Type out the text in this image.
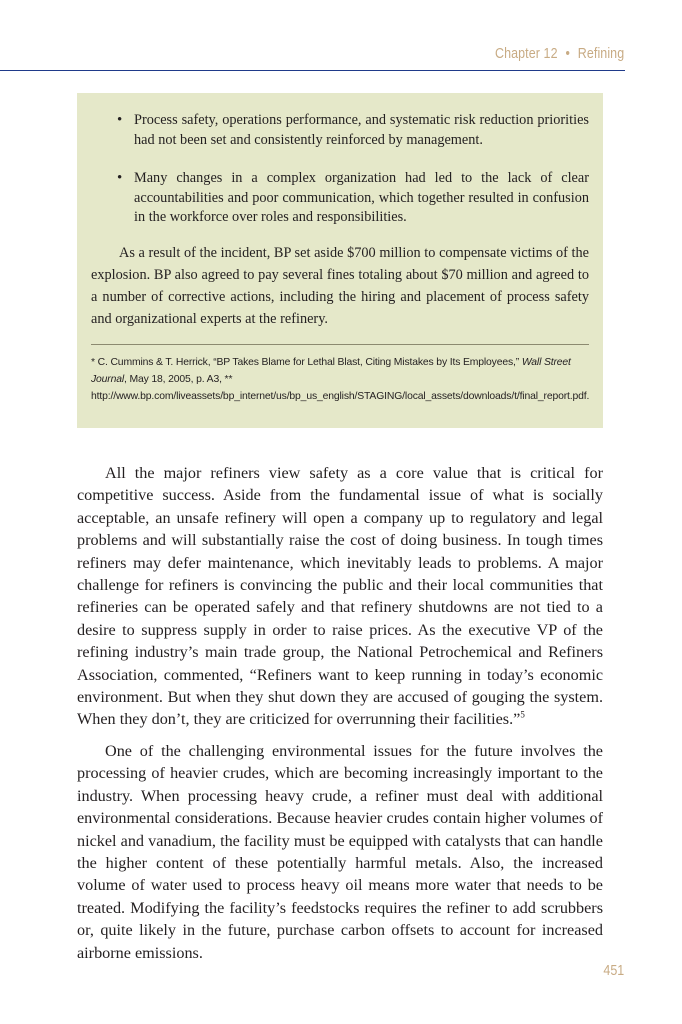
Chapter 12 • Refining
• Process safety, operations performance, and systematic risk reduction priorities had not been set and consistently reinforced by management.
• Many changes in a complex organization had led to the lack of clear accountabilities and poor communication, which together resulted in confusion in the workforce over roles and responsibilities.

As a result of the incident, BP set aside $700 million to compensate victims of the explosion. BP also agreed to pay several fines totaling about $70 million and agreed to a number of corrective actions, including the hiring and placement of process safety and organizational experts at the refinery.

* C. Cummins & T. Herrick, “BP Takes Blame for Lethal Blast, Citing Mistakes by Its Employees,” Wall Street Journal, May 18, 2005, p. A3, ** http://www.bp.com/liveassets/bp_internet/us/bp_us_english/STAGING/local_assets/downloads/t/final_report.pdf.

All the major refiners view safety as a core value that is critical for competitive success. Aside from the fundamental issue of what is socially acceptable, an unsafe refinery will open a company up to regulatory and legal problems and will substantially raise the cost of doing business. In tough times refiners may defer maintenance, which inevitably leads to problems. A major challenge for refiners is convincing the public and their local communities that refineries can be operated safely and that refinery shutdowns are not tied to a desire to suppress supply in order to raise prices. As the executive VP of the refining industry’s main trade group, the National Petrochemical and Refiners Association, commented, “Refiners want to keep running in today’s economic environment. But when they shut down they are accused of gouging the system. When they don’t, they are criticized for overrunning their facilities.”$^5$

One of the challenging environmental issues for the future involves the processing of heavier crudes, which are becoming increasingly important to the industry. When processing heavy crude, a refiner must deal with additional environmental considerations. Because heavier crudes contain higher volumes of nickel and vanadium, the facility must be equipped with catalysts that can handle the higher content of these potentially harmful metals. Also, the increased volume of water used to process heavy oil means more water that needs to be treated. Modifying the facility’s feedstocks requires the refiner to add scrubbers or, quite likely in the future, purchase carbon offsets to account for increased airborne emissions.

451
